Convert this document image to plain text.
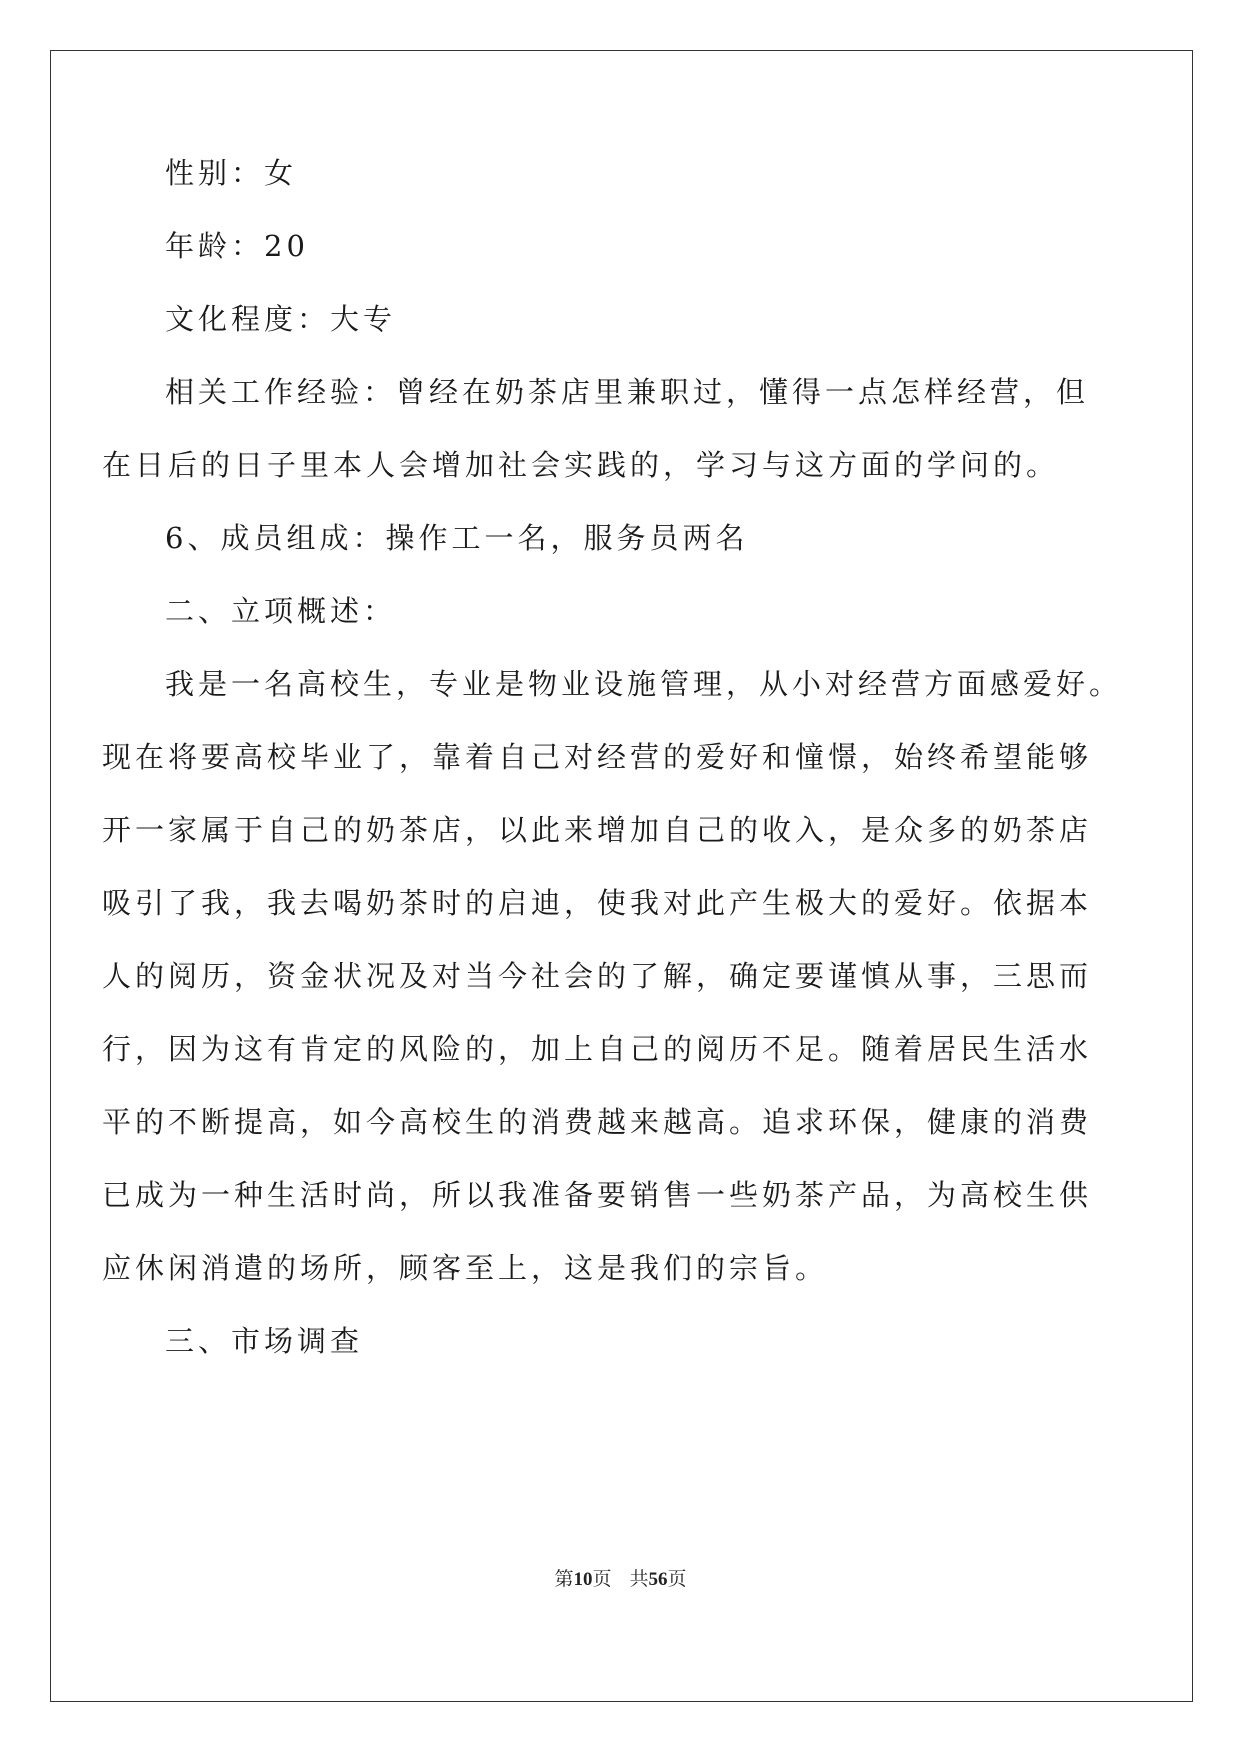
性别：女
年龄：20
文化程度：大专
相关工作经验：曾经在奶茶店里兼职过，懂得一点怎样经营，但
在日后的日子里本人会增加社会实践的，学习与这方面的学问的。
6、成员组成：操作工一名，服务员两名
二、立项概述：
我是一名高校生，专业是物业设施管理，从小对经营方面感爱好。
现在将要高校毕业了，靠着自己对经营的爱好和憧憬，始终希望能够
开一家属于自己的奶茶店，以此来增加自己的收入，是众多的奶茶店
吸引了我，我去喝奶茶时的启迪，使我对此产生极大的爱好。依据本
人的阅历，资金状况及对当今社会的了解，确定要谨慎从事，三思而
行，因为这有肯定的风险的，加上自己的阅历不足。随着居民生活水
平的不断提高，如今高校生的消费越来越高。追求环保，健康的消费
已成为一种生活时尚，所以我准备要销售一些奶茶产品，为高校生供
应休闲消遣的场所，顾客至上，这是我们的宗旨。
三、市场调查
第10页 共56页
